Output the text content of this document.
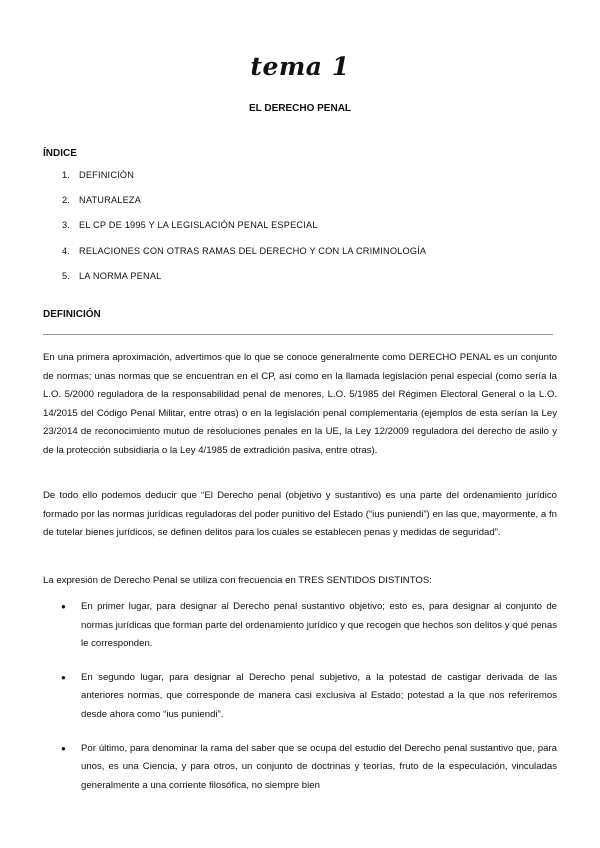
tema 1
EL DERECHO PENAL
ÍNDICE
1. DEFINICIÓN
2. NATURALEZA
3. EL CP DE 1995 Y LA LEGISLACIÓN PENAL ESPECIAL
4. RELACIONES CON OTRAS RAMAS DEL DERECHO Y CON LA CRIMINOLOGÍA
5. LA NORMA PENAL
DEFINICIÓN

En una primera aproximación, advertimos que lo que se conoce generalmente como DERECHO PENAL es un conjunto de normas; unas normas que se encuentran en el CP, así como en la llamada legislación penal especial (como sería la L.O. 5/2000 reguladora de la responsabilidad penal de menores, L.O. 5/1985 del Régimen Electoral General o la L.O. 14/2015 del Código Penal Militar, entre otras) o en la legislación penal complementaria (ejemplos de esta serían la Ley 23/2014 de reconocimiento mutuo de resoluciones penales en la UE, la Ley 12/2009 reguladora del derecho de asilo y de la protección subsidiaria o la Ley 4/1985 de extradición pasiva, entre otras).

De todo ello podemos deducir que “El Derecho penal (objetivo y sustantivo) es una parte del ordenamiento jurídico formado por las normas jurídicas reguladoras del poder punitivo del Estado (“ius puniendi”) en las que, mayormente, a fn de tutelar bienes jurídicos, se definen delitos para los cuales se establecen penas y medidas de seguridad”.

La expresión de Derecho Penal se utiliza con frecuencia en TRES SENTIDOS DISTINTOS:

● En primer lugar, para designar al Derecho penal sustantivo objetivo; esto es, para designar al conjunto de normas jurídicas que forman parte del ordenamiento jurídico y que recogen que hechos son delitos y qué penas le corresponden.
● En segundo lugar, para designar al Derecho penal subjetivo, a la potestad de castigar derivada de las anteriores normas, que corresponde de manera casi exclusiva al Estado; potestad a la que nos referiremos desde ahora como “ius puniendi”.
● Por último, para denominar la rama del saber que se ocupa del estudio del Derecho penal sustantivo que, para unos, es una Ciencia, y para otros, un conjunto de doctrinas y teorías, fruto de la especulación, vinculadas generalmente a una corriente filosófica, no siempre bien
